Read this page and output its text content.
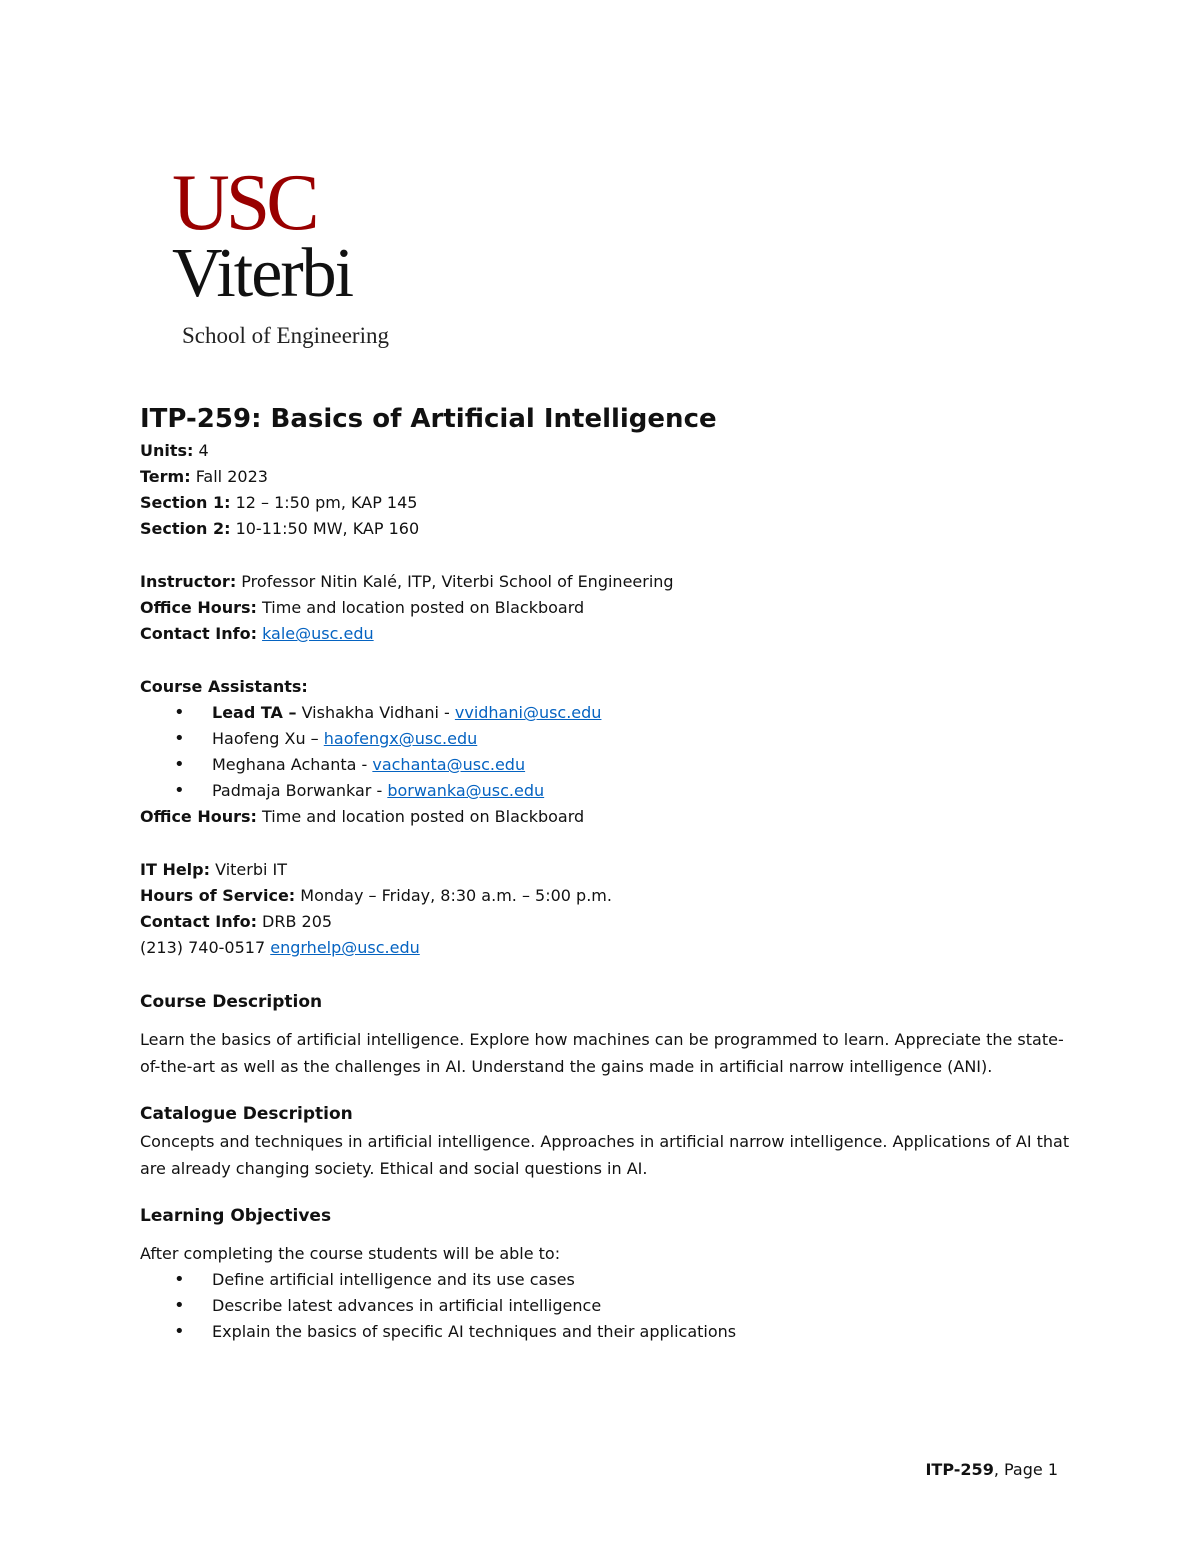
USC
Viterbi
School of Engineering
ITP-259: Basics of Artificial Intelligence

Units: 4

Term: Fall 2023

Section 1: 12 – 1:50 pm, KAP 145

Section 2: 10-11:50 MW, KAP 160

Instructor: Professor Nitin Kalé, ITP, Viterbi School of Engineering

Office Hours: Time and location posted on Blackboard

Contact Info: kale@usc.edu

Course Assistants:

• Lead TA – Vishakha Vidhani - vvidhani@usc.edu
• Haofeng Xu – haofengx@usc.edu
• Meghana Achanta - vachanta@usc.edu
• Padmaja Borwankar - borwanka@usc.edu

Office Hours: Time and location posted on Blackboard

IT Help: Viterbi IT

Hours of Service: Monday – Friday, 8:30 a.m. – 5:00 p.m.

Contact Info: DRB 205

(213) 740-0517 engrhelp@usc.edu

Course Description

Learn the basics of artificial intelligence. Explore how machines can be programmed to learn. Appreciate the state-of-the-art as well as the challenges in AI. Understand the gains made in artificial narrow intelligence (ANI).

Catalogue Description

Concepts and techniques in artificial intelligence. Approaches in artificial narrow intelligence. Applications of AI that are already changing society. Ethical and social questions in AI.

Learning Objectives

After completing the course students will be able to:

• Define artificial intelligence and its use cases
• Describe latest advances in artificial intelligence
• Explain the basics of specific AI techniques and their applications
ITP-259, Page 1
